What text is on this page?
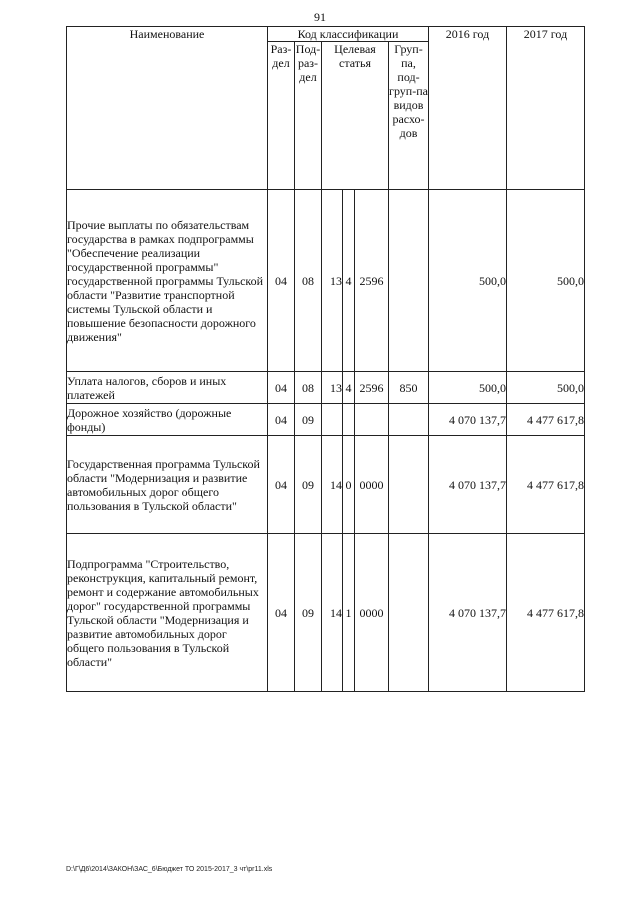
91
Наименование	Код классификации						2016 год	2017 год
	Раз-дел	Под-раз-дел	Целевая статья			Груп-па, под-груп-па видов расхо-дов		
Прочие выплаты по обязательствам государства в рамках подпрограммы "Обеспечение реализации государственной программы" государственной программы Тульской области "Развитие транспортной системы Тульской области и повышение безопасности дорожного движения"	04	08	13	4	2596		500,0	500,0
Уплата налогов, сборов и иных платежей	04	08	13	4	2596	850	500,0	500,0
Дорожное хозяйство (дорожные фонды)	04	09					4 070 137,7	4 477 617,8
Государственная программа Тульской области "Модернизация и развитие автомобильных дорог общего пользования в Тульской области"	04	09	14	0	0000		4 070 137,7	4 477 617,8
Подпрограмма "Строительство, реконструкция, капитальный ремонт, ремонт и содержание автомобильных дорог" государственной программы Тульской области "Модернизация и развитие автомобильных дорог общего пользования в Тульской области"	04	09	14	1	0000		4 070 137,7	4 477 617,8
D:\Г\Д6\2014\ЗАКОН\ЗАС_6\Бюджет ТО 2015-2017_3 чт\pr11.xls
